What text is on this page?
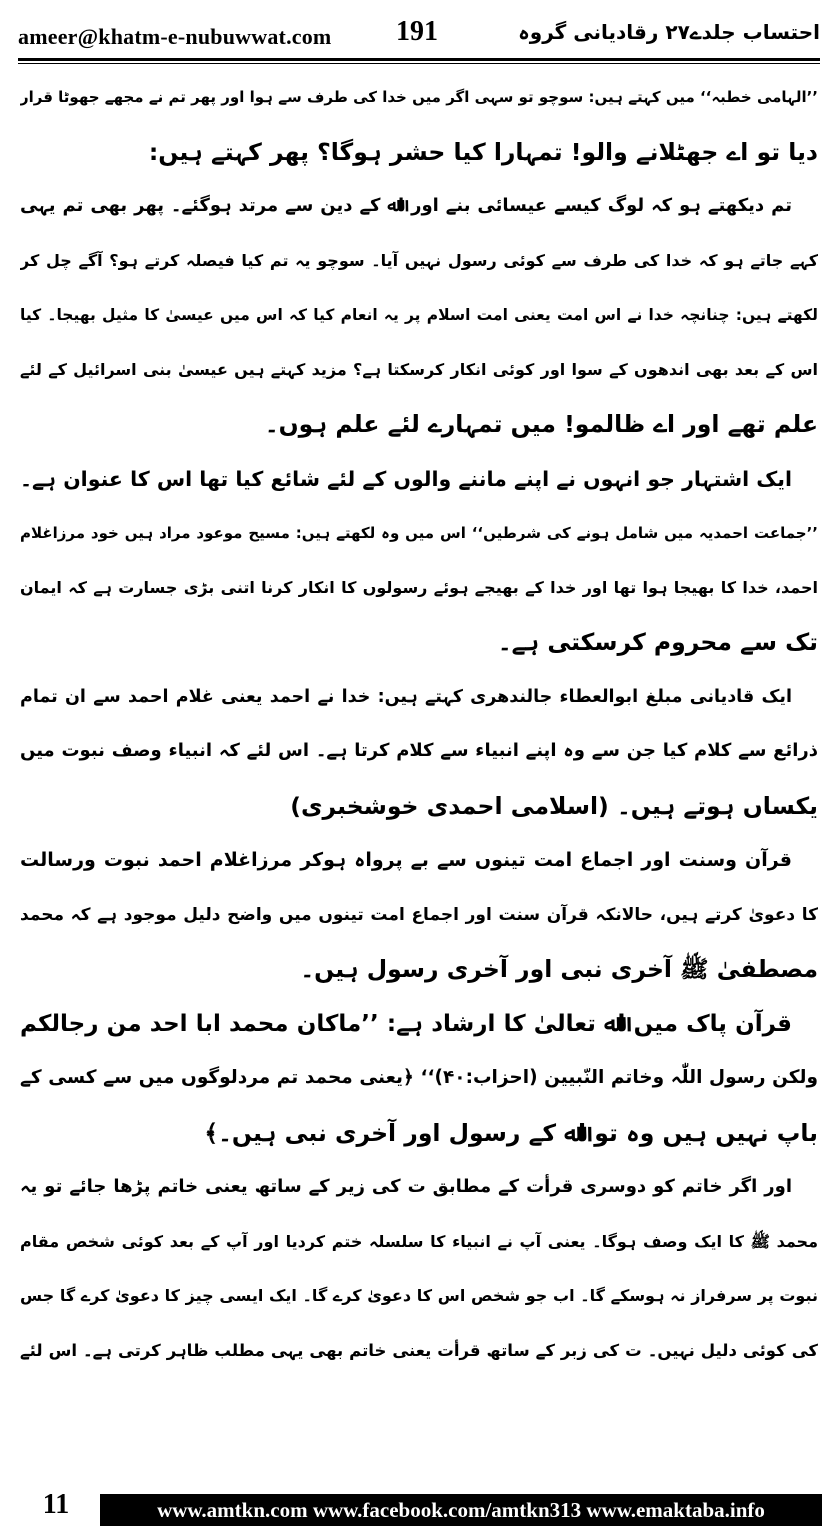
ameer@khatm-e-nubuwwat.com 191	احتساب جلدے۲۷ رقادیانی گروہ
’’الہامی خطبہ‘‘ میں کہتے ہیں: سوچو تو سہی اگر میں خدا کی طرف سے ہوا اور پھر تم نے مجھے جھوٹا قرار
دیا تو اے جھٹلانے والو! تمہارا کیا حشر ہوگا؟ پھر کہتے ہیں:
تم دیکھتے ہو کہ لوگ کیسے عیسائی بنے اور اﷲ کے دین سے مرتد ہوگئے۔ پھر بھی تم یہی
کہے جاتے ہو کہ خدا کی طرف سے کوئی رسول نہیں آیا۔ سوچو یہ تم کیا فیصلہ کرتے ہو؟ آگے چل کر
لکھتے ہیں: چنانچہ خدا نے اس امت یعنی امت اسلام پر یہ انعام کیا کہ اس میں عیسیٰ کا مثیل بھیجا۔ کیا
اس کے بعد بھی اندھوں کے سوا اور کوئی انکار کرسکتا ہے؟ مزید کہتے ہیں عیسیٰ بنی اسرائیل کے لئے
علم تھے اور اے ظالمو! میں تمہارے لئے علم ہوں۔
ایک اشتہار جو انہوں نے اپنے ماننے والوں کے لئے شائع کیا تھا اس کا عنوان ہے۔
’’جماعت احمدیہ میں شامل ہونے کی شرطیں‘‘ اس میں وہ لکھتے ہیں: مسیح موعود مراد ہیں خود مرزاغلام
احمد، خدا کا بھیجا ہوا تھا اور خدا کے بھیجے ہوئے رسولوں کا انکار کرنا اتنی بڑی جسارت ہے کہ ایمان
تک سے محروم کرسکتی ہے۔
ایک قادیانی مبلغ ابوالعطاء جالندھری کہتے ہیں: خدا نے احمد یعنی غلام احمد سے ان تمام
ذرائع سے کلام کیا جن سے وہ اپنے انبیاء سے کلام کرتا ہے۔ اس لئے کہ انبیاء وصف نبوت میں
یکساں ہوتے ہیں۔ (اسلامی احمدی خوشخبری)
قرآن وسنت اور اجماع امت تینوں سے بے پرواہ ہوکر مرزاغلام احمد نبوت ورسالت
کا دعویٰ کرتے ہیں، حالانکہ قرآن سنت اور اجماع امت تینوں میں واضح دلیل موجود ہے کہ محمد
مصطفیٰ ﷺ آخری نبی اور آخری رسول ہیں۔
قرآن پاک میں اﷲ تعالیٰ کا ارشاد ہے: ’’ماکان محمد ابا احد من رجالکم
ولکن رسول اللّٰہ وخاتم النّبیین (احزاب:۴۰)‘‘ ﴿یعنی محمد تم مردلوگوں میں سے کسی کے
باپ نہیں ہیں وہ تو اﷲ کے رسول اور آخری نبی ہیں۔﴾
اور اگر خاتم کو دوسری قرأت کے مطابق ت کی زیر کے ساتھ یعنی خاتم پڑھا جائے تو یہ
محمد ﷺ کا ایک وصف ہوگا۔ یعنی آپ نے انبیاء کا سلسلہ ختم کردیا اور آپ کے بعد کوئی شخص مقام
نبوت پر سرفراز نہ ہوسکے گا۔ اب جو شخص اس کا دعویٰ کرے گا۔ ایک ایسی چیز کا دعویٰ کرے گا جس
کی کوئی دلیل نہیں۔ ت کی زبر کے ساتھ قرأت یعنی خاتم بھی یہی مطلب ظاہر کرتی ہے۔ اس لئے
11	www.amtkn.com www.facebook.com/amtkn313 www.emaktaba.info
